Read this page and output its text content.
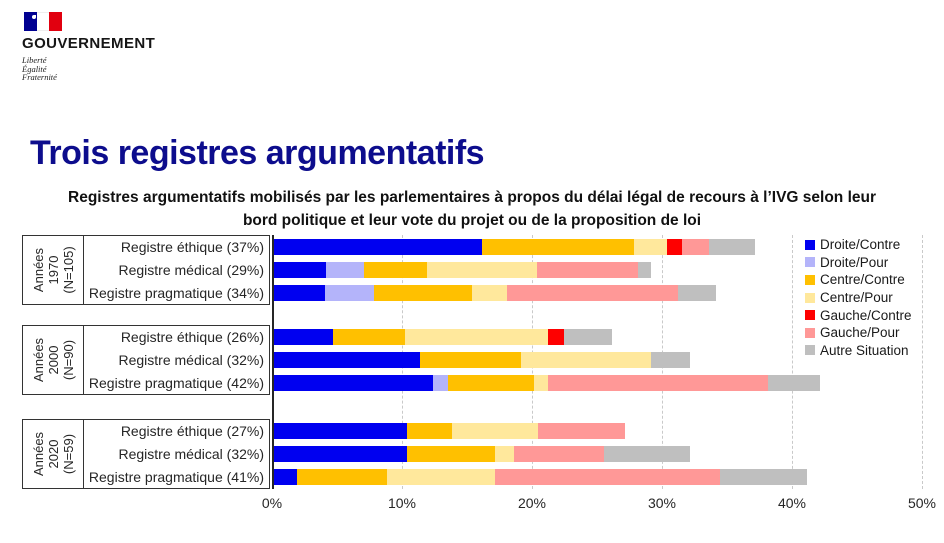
GOUVERNEMENT
Liberté
Égalité
Fraternité
Trois registres argumentatifs
Registres argumentatifs mobilisés par les parlementaires à propos du délai légal de recours à l’IVG selon leur
bord politique et leur vote du projet ou de la proposition de loi
Années 1970 (N=105)	Registre éthique (37%)
Registre médical (29%)
Registre pragmatique (34%)
Années 2000 (N=90)
Registre éthique (26%)
Registre médical (32%)
Registre pragmatique (42%)
Années 2020 (N=59)
Registre éthique (27%)
Registre médical (32%)
Registre pragmatique (41%)
0%	10%	20%	30%	40%	50%
Droite/Contre
Droite/Pour
Centre/Contre
Centre/Pour
Gauche/Contre
Gauche/Pour
Autre Situation
